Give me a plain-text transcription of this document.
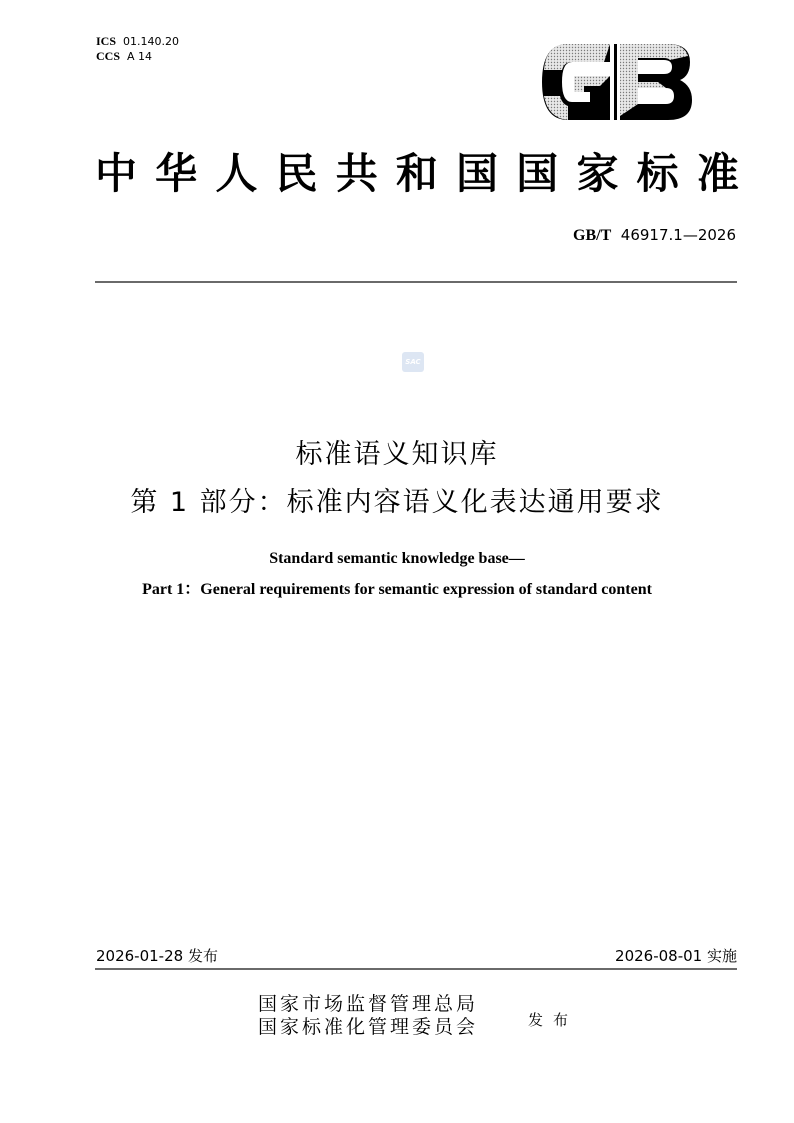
ICS 01.140.20
CCS A 14
中 华 人 民 共 和 国 国 家 标 准
GB/T 46917.1—2026
SAC
标准语义知识库
第 1 部分：标准内容语义化表达通用要求
Standard semantic knowledge base—
Part 1：General requirements for semantic expression of standard content
2026-01-28 发布	2026-08-01 实施
国家市场监督管理总局
国家标准化管理委员会	发布
